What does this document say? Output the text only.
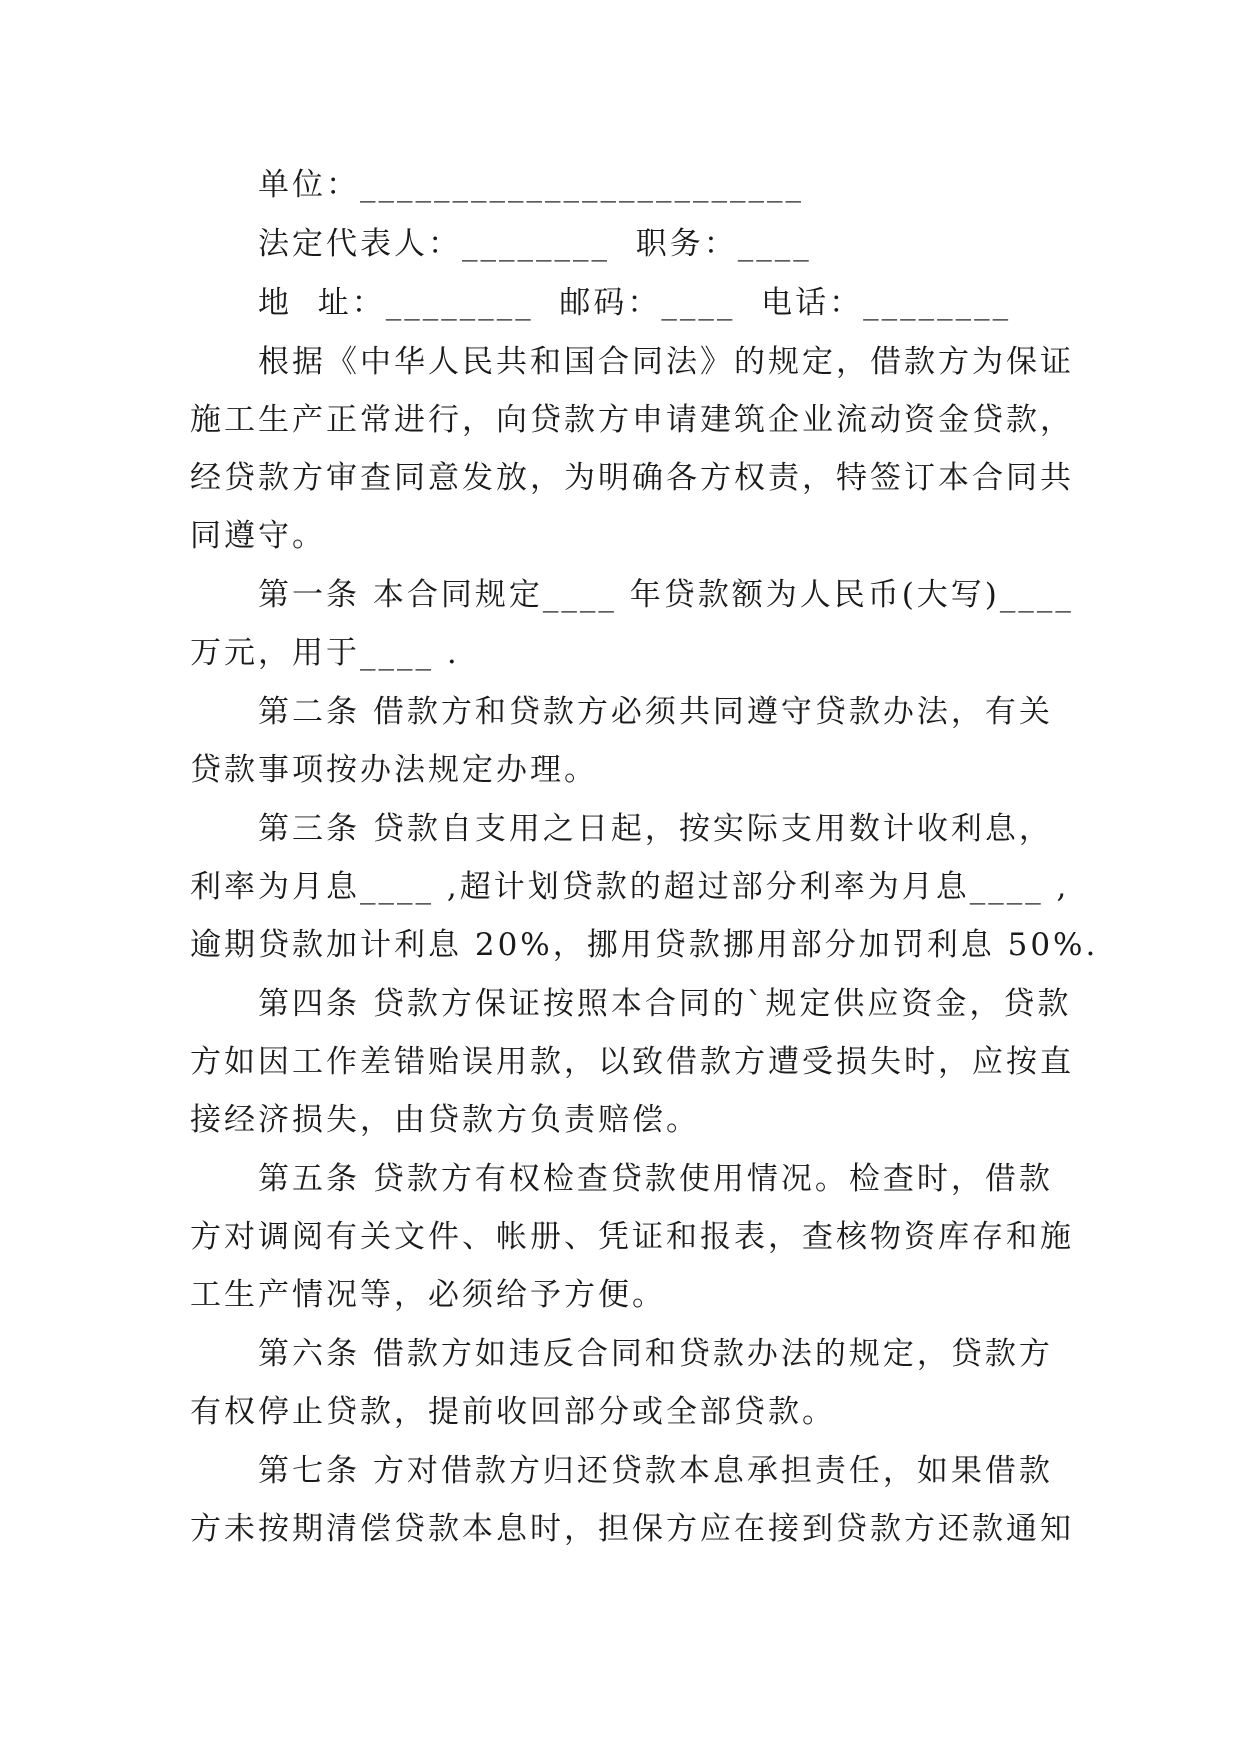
单位：________________________
法定代表人：________  职务：____
地  址：________  邮码：____  电话：________
根据《中华人民共和国合同法》的规定，借款方为保证
施工生产正常进行，向贷款方申请建筑企业流动资金贷款，
经贷款方审查同意发放，为明确各方权责，特签订本合同共
同遵守。
第一条 本合同规定____ 年贷款额为人民币(大写)____
万元，用于____ .
第二条 借款方和贷款方必须共同遵守贷款办法，有关
贷款事项按办法规定办理。
第三条 贷款自支用之日起，按实际支用数计收利息，
利率为月息____ ,超计划贷款的超过部分利率为月息____ ,
逾期贷款加计利息 20%，挪用贷款挪用部分加罚利息 50%.
第四条 贷款方保证按照本合同的`规定供应资金，贷款
方如因工作差错贻误用款，以致借款方遭受损失时，应按直
接经济损失，由贷款方负责赔偿。
第五条 贷款方有权检查贷款使用情况。检查时，借款
方对调阅有关文件、帐册、凭证和报表，查核物资库存和施
工生产情况等，必须给予方便。
第六条 借款方如违反合同和贷款办法的规定，贷款方
有权停止贷款，提前收回部分或全部贷款。
第七条 方对借款方归还贷款本息承担责任，如果借款
方未按期清偿贷款本息时，担保方应在接到贷款方还款通知
